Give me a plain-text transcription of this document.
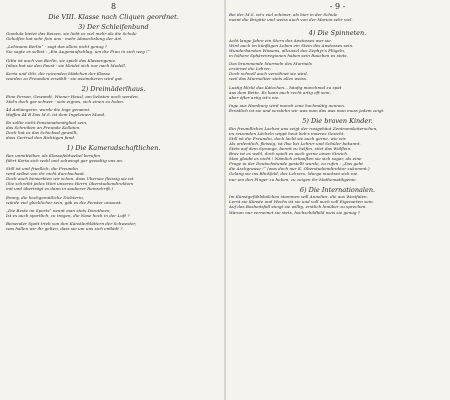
8
Die VIII. Klasse nach Cliquen geordnet.
3) Der Schleifenbund
Gundula bietet das Reisen, sie liebt es viel mehr als die Schule
Geholfen hat sehr fein uns - mehr Abwechslung der Art.
„Lehmann Berlin“ - sagt das allein nicht genug ?
Sie sagte es selbst : „Ein Augenaufschlag, um die Frau in sich weg !“
Gitta ist auch von Berlin, sie spielt das Klassengenie.
Inbus hat sie den Faust - sie kleidet sich nur nach Modell.
Kerta und Otti, die reizenden Mädchen der Klasse
wurden zu Freunden erwählt - sie assimilieren wird gut.
2) Dreimäderlhaus.
Eine Person, Gewandt, Wiener Hausl, am liebsten noch werden,
Mal's doch gar schwer - sein eignes, sich einen zu holen.
44 Anhängerin, wurde die Inge genannt.
Waffen 44 B Das M.S. ist dem Ingeleinen Mund.
Es sollte nicht Pensionatsmitglied sein,
das Schreiben an Freunde Kolleten.
Doch hat es das Schicksal gewollt,
dass Gertrud den Richtigen fand.
1) Die Kameradschaftlichen.
Rex unmittelbar, als Klassefeldwebel berufen
führt Kerta sich wohl und schwingt gar gewaltig uns an.
Still ist und friedlich, die Freundin
wird selbst von ihr nicht durchschaut.
Doch auch bemerkten wir schon, dass Ubersee fleissig sie ist.
(Sie schreibt jedes Wort unseres Herrn Oberstudiendirektors
mit und überträgt es dann in sauberer Reinschrift.)
Emmy, die hochgemütliche Dichterin,
würde viel glücklicher sein, gäb es die Fenster unsonst.
„Die Beste im Sports“ nennt man stets Dorotheen,
Ist es auch sportlich, zu tragen, die Nase hoch in der Luft ?
Beisender Spott trieb von den Künstlerblättern der Schwester,
was hallen wir ihr gelten, dass sie um uns sich entlädt ?
- 9 -
Bei der M.S. ist's viel schöner, als hier in der Schule
meint die Brigitte und weiss auch von der Marion sehr viel.
4) Die Spinneten.
Acht lange Jahre ein Stern des Anstosses war sie.
Wird auch im künftigen Leben ein Stein des Anstosses sein.
Wunderbarsten Wissens, allzuviel des Zephyr's Flügeln,
in höhere Sphärenregionen haben sein Rauchen es stets.
Das brummende Murmeln des Murmels
erzürnet die Lehrer.
Doch schnell auch versöhnet sie wird,
weil das Murmeltier stets alles weiss.
Lustig blickt das Kätzchen... häufig manchmal zu spät
aus dem Bette. Es kann auch recht artig oft sein,
aber öfter artig ist's nie.
Inge aus Hamburg wird manch eine hochmütig nennen.
Ernstlich ist sie und verstehn wir was man das was man muss jedem zeigt.
5) Die braven Kinder.
Ein freundliches Lachen uns zeigt der rosigehäut Zentrumsleiterschen,
im reizenden Lächeln wippt heut lieb's inneres Gesicht.
Still ist die Freundin, doch lacht sie auch gerne, wie wir.
Als ordentlich, fleissig, ist Ilse bei Lehrer und Schüler bekannt.
Stets auf dem Sprunge, bereit zu helfen, sitzt das Wölflein.
Brav ist es wohl, doch spielt es auch gerne einen Streich.
Man glaubt es nicht ! Nämlich erkauften sie sich sogar, als eine
Frage in der Deutschstunde gestellt wurde, zu rufen : „Das geht
die Aschgrause !“ (was doch nur K. Oberstudiendirektor zukommt.)
Gelang sie ins Blickfeld, des Lehrers, Marga muckset sich nie.
nur um den Finger zu heben, zu zeigen ihr Mathematikgenie.
6) Die Internationalen.
Im Künstgefühlsbälchen stammen will Annelies, die aus Westfalen.
Lernt sie Künste und Wechs ist sie und voll auch voll Eigenarten sein.
Auf das Bosheitsfall steigt sie willig, erstlich hinüber zu sprechen.
Warum nur verneinet sie stets, hochschildbild weis sie genug ?
